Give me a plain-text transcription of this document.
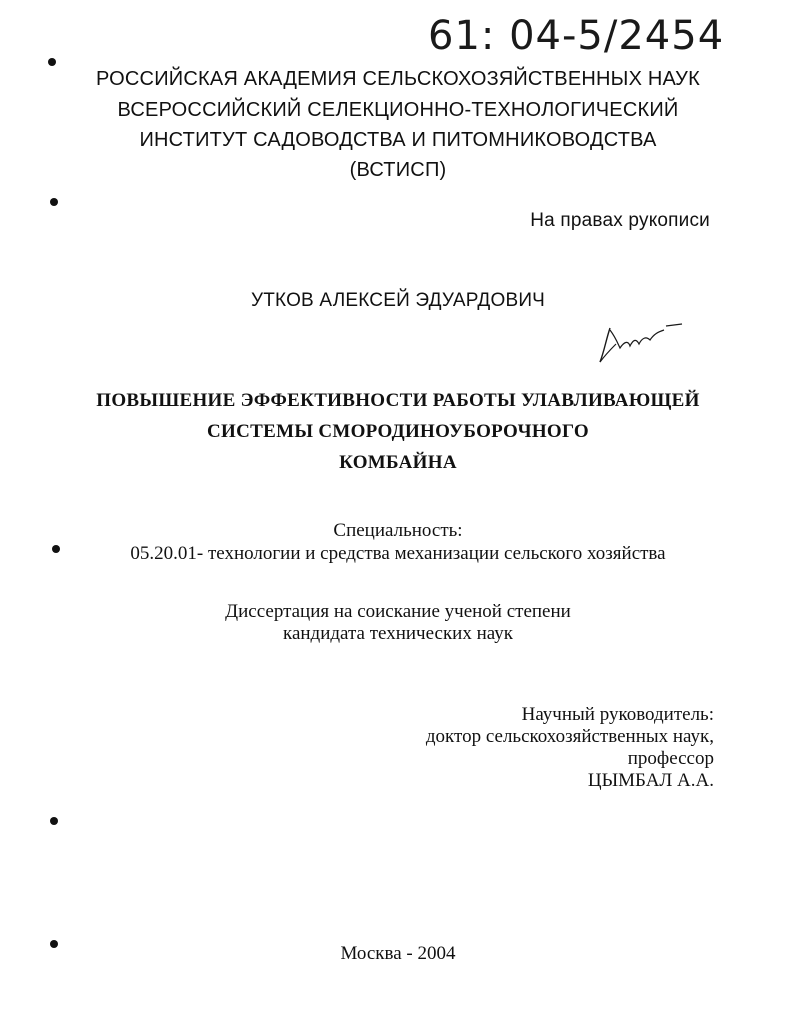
61: 04-5/2454
РОССИЙСКАЯ АКАДЕМИЯ СЕЛЬСКОХОЗЯЙСТВЕННЫХ НАУК
ВСЕРОССИЙСКИЙ СЕЛЕКЦИОННО-ТЕХНОЛОГИЧЕСКИЙ
ИНСТИТУТ САДОВОДСТВА И ПИТОМНИКОВОДСТВА
(ВСТИСП)
На правах рукописи
УТКОВ АЛЕКСЕЙ ЭДУАРДОВИЧ
ПОВЫШЕНИЕ ЭФФЕКТИВНОСТИ РАБОТЫ УЛАВЛИВАЮЩЕЙ
СИСТЕМЫ СМОРОДИНОУБОРОЧНОГО
КОМБАЙНА
Специальность:
05.20.01- технологии и средства механизации сельского хозяйства
Диссертация на соискание ученой степени
кандидата технических наук
Научный руководитель:
доктор сельскохозяйственных наук,
профессор
ЦЫМБАЛ А.А.
Москва - 2004
